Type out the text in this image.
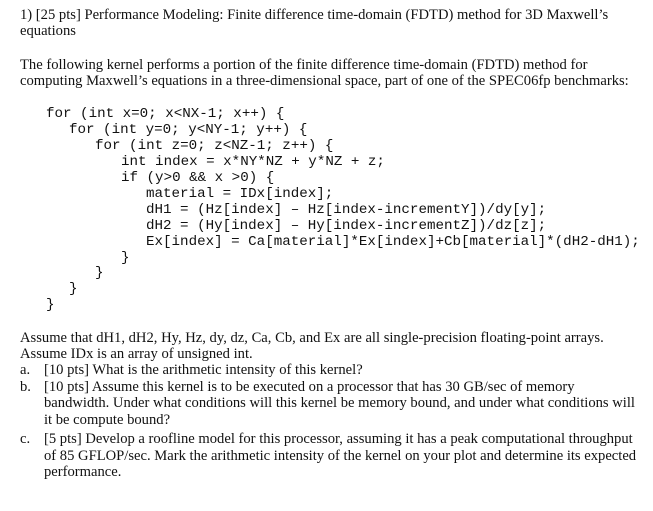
1) [25 pts] Performance Modeling: Finite difference time-domain (FDTD) method for 3D Maxwell’s
equations
The following kernel performs a portion of the finite difference time-domain (FDTD) method for
computing Maxwell’s equations in a three-dimensional space, part of one of the SPEC06fp benchmarks:

for (int x=0; x<NX-1; x++) {

for (int y=0; y<NY-1; y++) {

for (int z=0; z<NZ-1; z++) {

int index = x*NY*NZ + y*NZ + z;

if (y>0 && x >0) {

material = IDx[index];

dH1 = (Hz[index] – Hz[index-incrementY])/dy[y];

dH2 = (Hy[index] – Hy[index-incrementZ])/dz[z];

Ex[index] = Ca[material]*Ex[index]+Cb[material]*(dH2-dH1);

}

}

}

}

Assume that dH1, dH2, Hy, Hz, dy, dz, Ca, Cb, and Ex are all single-precision floating-point arrays.
Assume IDx is an array of unsigned int.
a. [10 pts] What is the arithmetic intensity of this kernel?
b. [10 pts] Assume this kernel is to be executed on a processor that has 30 GB/sec of memory
bandwidth. Under what conditions will this kernel be memory bound, and under what conditions will
it be compute bound?
c. [5 pts] Develop a roofline model for this processor, assuming it has a peak computational throughput
of 85 GFLOP/sec. Mark the arithmetic intensity of the kernel on your plot and determine its expected
performance.
